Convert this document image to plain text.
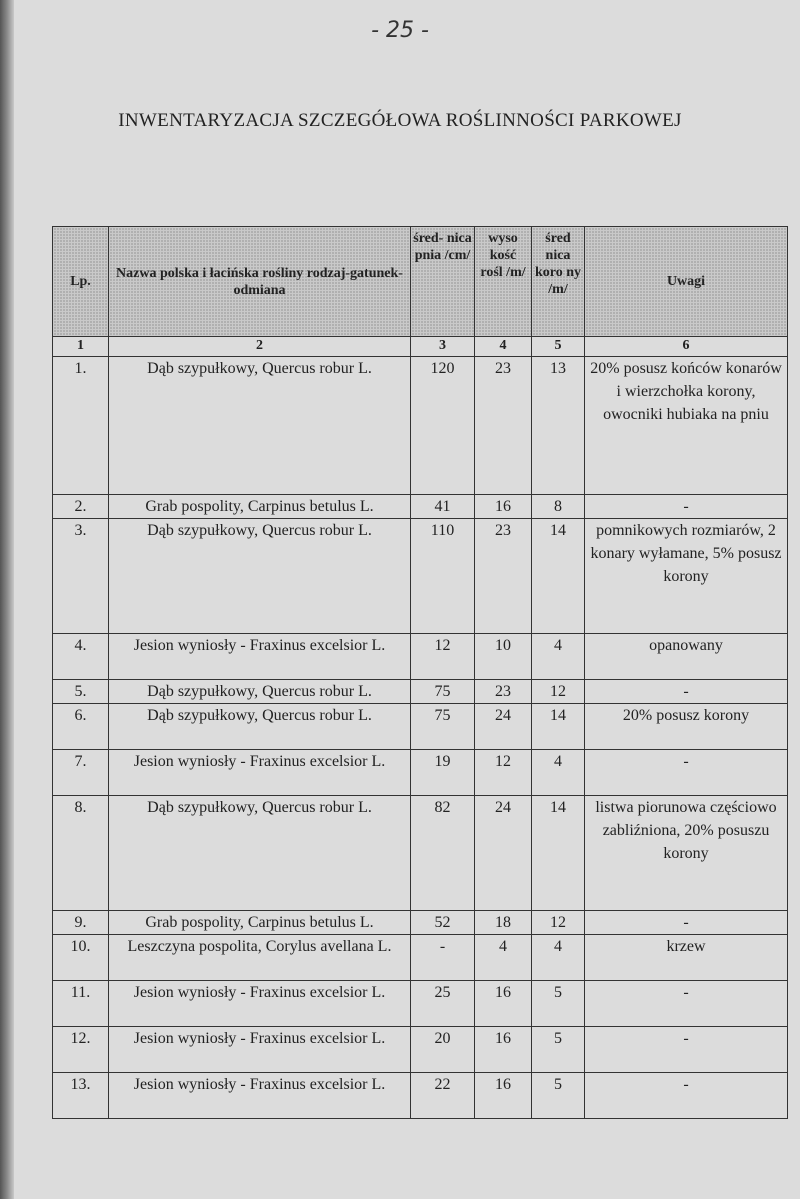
- 25 -
INWENTARYZACJA SZCZEGÓŁOWA ROŚLINNOŚCI PARKOWEJ
Lp.	Nazwa polska i łacińska rośliny rodzaj-gatunek-odmiana	śred- nica pnia /cm/	wyso kość rośl /m/	śred nica koro ny /m/	Uwagi
1	2	3	4	5	6
1.	Dąb szypułkowy, Quercus robur L.	120	23	13	20% posusz końców konarów i wierzchołka korony, owocniki hubiaka na pniu
2.	Grab pospolity, Carpinus betulus L.	41	16	8	-
3.	Dąb szypułkowy, Quercus robur L.	110	23	14	pomnikowych rozmiarów, 2 konary wyłamane, 5% posusz korony
4.	Jesion wyniosły - Fraxinus excelsior L.	12	10	4	opanowany
5.	Dąb szypułkowy, Quercus robur L.	75	23	12	-
6.	Dąb szypułkowy, Quercus robur L.	75	24	14	20% posusz korony
7.	Jesion wyniosły - Fraxinus excelsior L.	19	12	4	-
8.	Dąb szypułkowy, Quercus robur L.	82	24	14	listwa piorunowa częściowo zabliźniona, 20% posuszu korony
9.	Grab pospolity, Carpinus betulus L.	52	18	12	-
10.	Leszczyna pospolita, Corylus avellana L.	-	4	4	krzew
11.	Jesion wyniosły - Fraxinus excelsior L.	25	16	5	-
12.	Jesion wyniosły - Fraxinus excelsior L.	20	16	5	-
13.	Jesion wyniosły - Fraxinus excelsior L.	22	16	5	-
